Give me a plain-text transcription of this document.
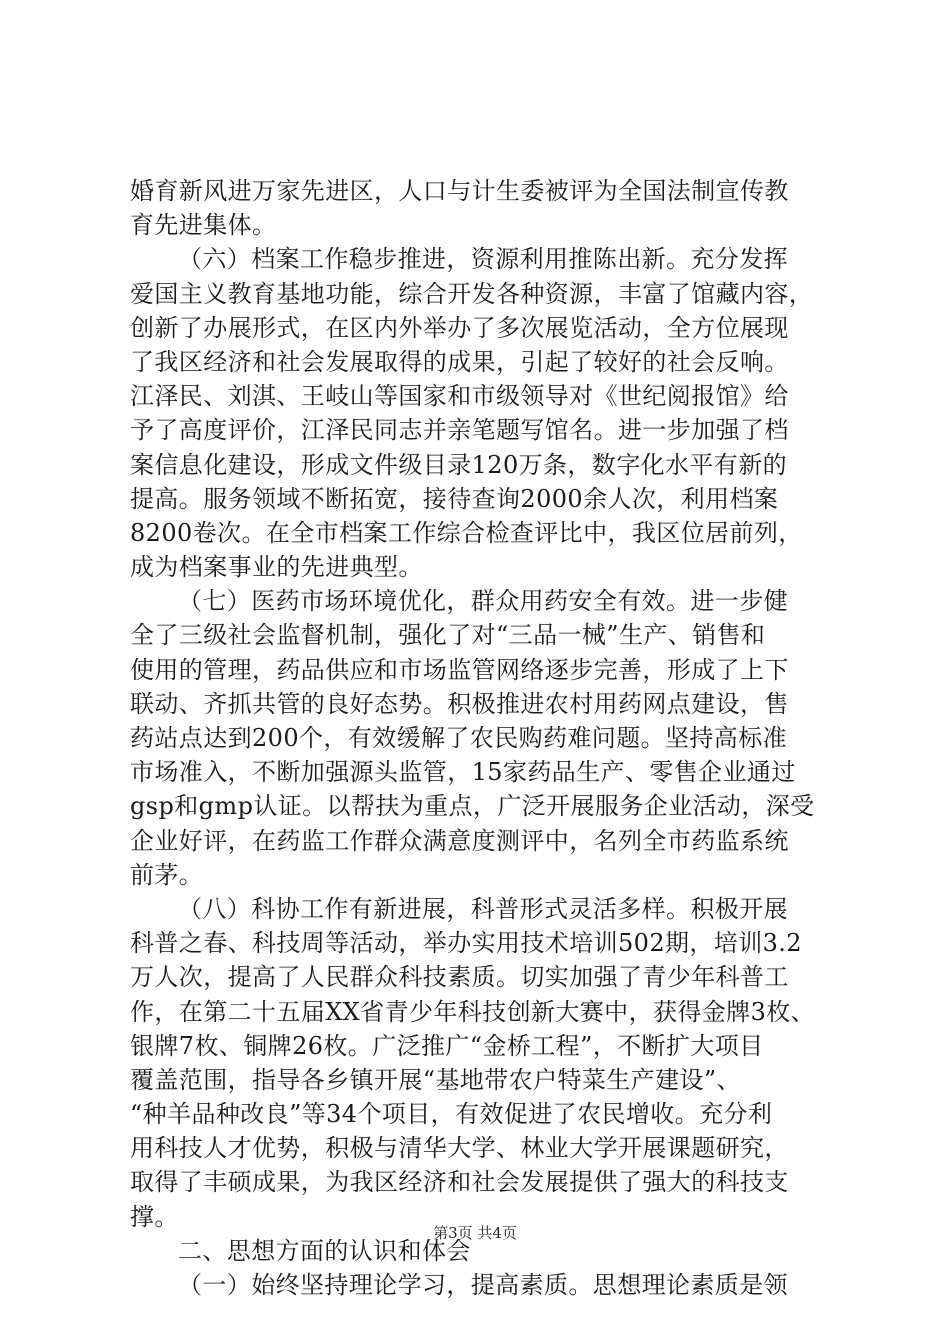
婚育新风进万家先进区，人口与计生委被评为全国法制宣传教
育先进集体。
（六）档案工作稳步推进，资源利用推陈出新。充分发挥
爱国主义教育基地功能，综合开发各种资源，丰富了馆藏内容，
创新了办展形式，在区内外举办了多次展览活动，全方位展现
了我区经济和社会发展取得的成果，引起了较好的社会反响。
江泽民、刘淇、王岐山等国家和市级领导对《世纪阅报馆》给
予了高度评价，江泽民同志并亲笔题写馆名。进一步加强了档
案信息化建设，形成文件级目录120万条，数字化水平有新的
提高。服务领域不断拓宽，接待查询2000余人次，利用档案
8200卷次。在全市档案工作综合检查评比中，我区位居前列，
成为档案事业的先进典型。
（七）医药市场环境优化，群众用药安全有效。进一步健
全了三级社会监督机制，强化了对“三品一械”生产、销售和
使用的管理，药品供应和市场监管网络逐步完善，形成了上下
联动、齐抓共管的良好态势。积极推进农村用药网点建设，售
药站点达到200个，有效缓解了农民购药难问题。坚持高标准
市场准入，不断加强源头监管，15家药品生产、零售企业通过
gsp和gmp认证。以帮扶为重点，广泛开展服务企业活动，深受
企业好评，在药监工作群众满意度测评中，名列全市药监系统
前茅。
（八）科协工作有新进展，科普形式灵活多样。积极开展
科普之春、科技周等活动，举办实用技术培训502期，培训3.2
万人次，提高了人民群众科技素质。切实加强了青少年科普工
作，在第二十五届XX省青少年科技创新大赛中，获得金牌3枚、
银牌7枚、铜牌26枚。广泛推广“金桥工程”，不断扩大项目
覆盖范围，指导各乡镇开展“基地带农户特菜生产建设”、
“种羊品种改良”等34个项目，有效促进了农民增收。充分利
用科技人才优势，积极与清华大学、林业大学开展课题研究，
取得了丰硕成果，为我区经济和社会发展提供了强大的科技支
撑。
二、思想方面的认识和体会
（一）始终坚持理论学习，提高素质。思想理论素质是领
第3页 共4页
